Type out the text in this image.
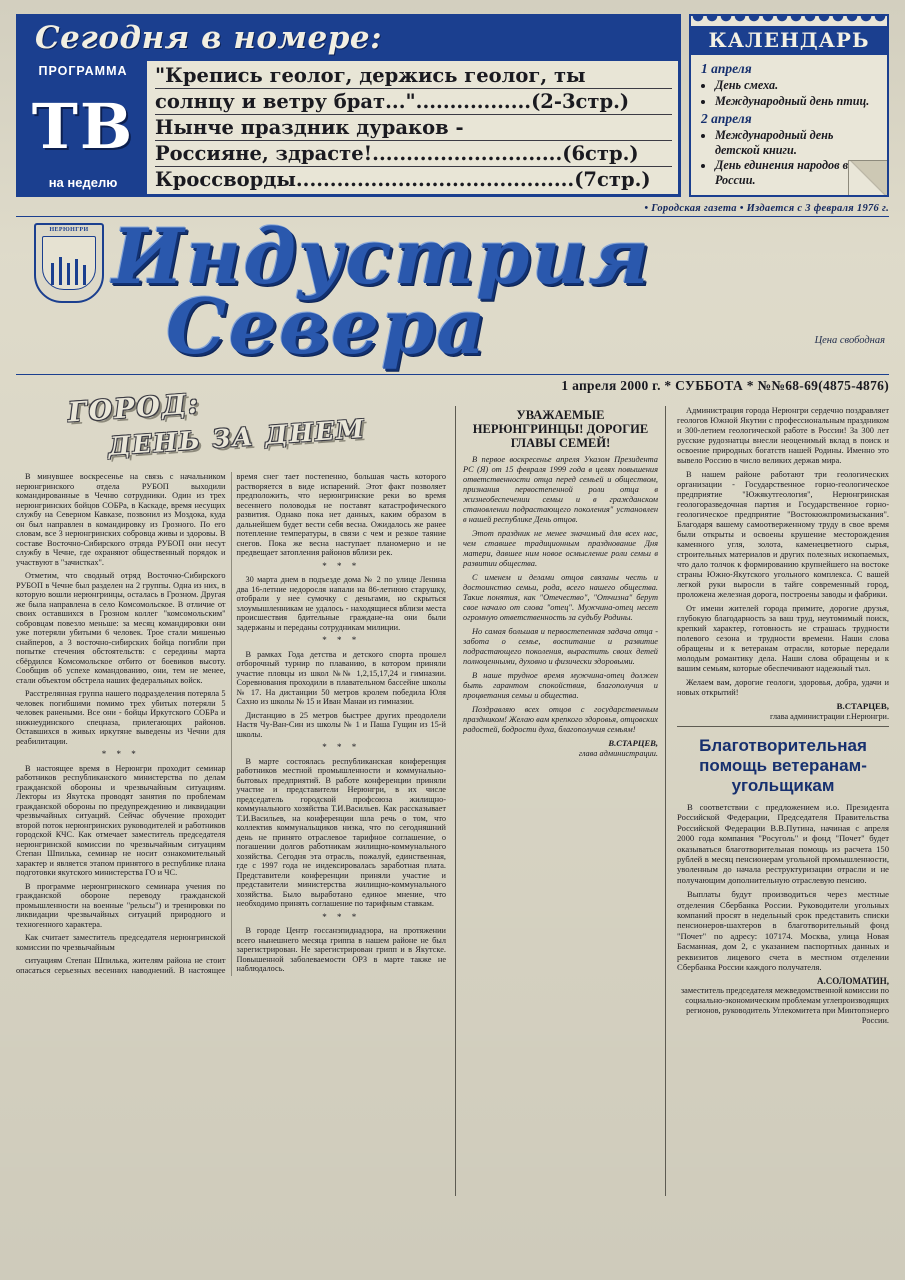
Сегодня в номере:
ПРОГРАММА
ТВ
на неделю
"Крепись геолог, держись геолог, ты
солнцу и ветру брат...".................(2-3стр.)
Нынче праздник дураков -
Россияне, здрасте!............................(6стр.)
Кроссворды.........................................(7стр.)
КАЛЕНДАРЬ
1 апреля
• День смеха.
• Международный день птиц.
2 апреля
• Международный день детской книги.
• День единения народов в России.
• Городская газета • Издается с 3 февраля 1976 г.
НЕРЮНГРИ Индустрия
Севера	Цена свободная
1 апреля 2000 г. * СУББОТА * №№68-69(4875-4876)
ГОРОД:
ДЕНЬ ЗА ДНЕМ

В минувшее воскресенье на связь с начальником нерюнгринского отдела РУБОП выходили командированные в Чечню сотрудники. Один из трех нерюнгринских бойцов СОБРа, в Каскаде, время несущих службу на Северном Кавказе, позвонил из Моздока, куда он был направлен в командировку из Грозного. По его словам, все 3 нерюнгринских собровца живы и здоровы. В составе Восточно-Сибирского отряда РУБОП они несут службу в Чечне, где охраняют общественный порядок и участвуют в "зачистках".

Отметим, что сводный отряд Восточно-Сибирского РУБОП в Чечне был разделен на 2 группы. Одна из них, в которую вошли нерюнгринцы, осталась в Грозном. Другая же была направлена в село Комсомольское. В отличие от своих оставшихся в Грозном коллег "комсомольским" собровцам повезло меньше: за месяц командировки они уже потеряли убитыми 6 человек. Трое стали мишенью снайперов, а 3 восточно-сибирских бойца погибли при попытке стечения обстоятельств: с середины марта сбёрдился Комсомольское отбито от боевиков высоту. Сообщив об успехе командованию, они, тем не менее, стали объектом обстрела наших федеральных войск.

Расстрелянная группа нашего подразделения потеряла 5 человек погибшими помимо трех убитых потеряли 5 человек ранеными. Все они - бойцы Иркутского СОБРа и нижнеудинского спецназа, прилегающих районов. Оставшихся в живых иркутяне выведены из Чечни для реабилитации.

* * *

В настоящее время в Нерюнгри проходит семинар работников республиканского министерства по делам гражданской обороны и чрезвычайным ситуациям. Лекторы из Якутска проводят занятия по проблемам гражданской обороны по предупреждению и ликвидации чрезвычайных ситуаций. Сейчас обучение проходит второй поток нерюнгринских руководителей и работников городской КЧС. Как отмечает заместитель председателя нерюнгринской комиссии по чрезвычайным ситуациям Степан Шпилька, семинар не носит ознакомительный характер и является этапом принятого в республике плана подготовки якутского министерства ГО и ЧС.

В программе нерюнгринского семинара учения по гражданской обороне переводу гражданской промышленности на военные "рельсы") и тренировки по ликвидации чрезвычайных ситуаций природного и техногенного характера.

Как считает заместитель председателя нерюнгринской комиссии по чрезвычайным

ситуациям Степан Шпилька, жителям района не стоит опасаться серьезных весенних наводнений. В настоящее время снег тает постепенно, большая часть которого растворяется в виде испарений. Этот факт позволяет предположить, что нерюнгринские реки во время весеннего половодья не поставят катастрофического развития. Однако пока нет данных, каким образом в дальнейшем будет вести себя весна. Ожидалось же ранее потепление температуры, в связи с чем и резкое таяние снегов. Пока же весна наступает планомерно и не предвещает затопления районов вблизи рек.

* * *

30 марта днем в подъезде дома № 2 по улице Ленина два 16-летние недоросля напали на 86-летнюю старушку, отобрали у нее сумочку с деньгами, но скрыться злоумышленникам не удалось - находящиеся вблизи места происшествия бдительные граждане-на они были задержаны и переданы сотрудникам милиции.

* * *

В рамках Года детства и детского спорта прошел отборочный турнир по плаванию, в котором приняли участие пловцы из школ №№ 1,2,15,17,24 и гимназии. Соревнования проходили в плавательном бассейне школы № 17. На дистанции 50 метров кролем победила Юля Сахно из школы № 15 и Иван Манаи из гимназии.

Дистанцию в 25 метров быстрее других преодолели Настя Чу-Ван-Син из школы № 1 и Паша Гущин из 15-й школы.

* * *

В марте состоялась республиканская конференция работников местной промышленности и коммунально-бытовых предприятий. В работе конференции приняли участие и представители Нерюнгри, в их числе председатель городской профсоюза жилищно-коммунального хозяйства Т.И.Васильев. Как рассказывает Т.И.Васильев, на конференции шла речь о том, что коллектив коммунальщиков низка, что по сегодняшний день не принято отраслевое тарифное соглашение, о погашении долгов работникам жилищно-коммунального хозяйства. Сегодня эта отрасль, пожалуй, единственная, где с 1997 года не индексировалась заработная плата. Представители конференции приняли участие и представители министерства жилищно-коммунального хозяйства. Было выработано единое мнение, что необходимо принять соглашение по тарифным ставкам.

* * *

В городе Центр госсанэпиднадзора, на протяжении всего нынешнего месяца гриппа в нашем районе не был зарегистрирован. Не зарегистрирован грипп и в Якутске. Повышенной заболеваемости ОРЗ в марте также не наблюдалось.

УВАЖАЕМЫЕ НЕРЮНГРИНЦЫ! ДОРОГИЕ ГЛАВЫ СЕМЕЙ!

В первое воскресенье апреля Указом Президента РС (Я) от 15 февраля 1999 года в целях повышения ответственности отца перед семьей и обществом, признания первостепенной роли отца в жизнеобеспечении семьи и в гражданском становлении подрастающего поколения" установлен в нашей республике День отцов.

Этот праздник не менее значимый для всех нас, чем ставшее традиционным празднование Дня матери, давшее ним новое осмысление роли семьи в развитии общества.

С именем и делами отцов связаны честь и достоинство семьи, рода, всего нашего общества. Такие понятия, как "Отечество", "Отчизна" берут свое начало от слова "отец". Мужчина-отец несет огромную ответственность за судьбу Родины.

Но самая большая и первостепенная задача отца - забота о семье, воспитание и развитие подрастающего поколения, вырастить своих детей полноценными, духовно и физически здоровыми.

В наше трудное время мужчина-отец должен быть гарантом спокойствия, благополучия и процветания семьи и общества.

Поздравляю всех отцов с государственным праздником! Желаю вам крепкого здоровья, отцовских радостей, бодрости духа, благополучия семьям!

В.СТАРЦЕВ,
глава администрации.

Администрация города Нерюнгри сердечно поздравляет геологов Южной Якутии с профессиональным праздником и 300-летием геологической работе в России! За 300 лет русские рудознатцы внесли неоценимый вклад в поиск и освоение природных богатств нашей Родины. Именно это вывело Россию в число великих держав мира.

В нашем районе работают три геологических организации - Государственное горно-геологическое предприятие "Южякутгеология", Нерюнгринская геологоразведочная партия и Государственное горно-геологическое предприятие "Востокюжпромизыскания". Благодаря вашему самоотверженному труду в свое время были открыты и освоены крушение месторождения каменного угля, золота, каменецветного сырья, строительных материалов и других полезных ископаемых, что дало толчок к формированию крупнейшего на востоке страны Южно-Якутского угольного комплекса. С вашей легкой руки выросли в тайге современный город, проложена железная дорога, построены заводы и фабрики.

От имени жителей города примите, дорогие друзья, глубокую благодарность за ваш труд, неутомимый поиск, крепкий характер, готовность не страшась трудности полевого сезона и трудности времени. Наши слова обращены и к ветеранам отрасли, которые передали молодым романтику дела. Наши слова обращены и к вашим семьям, которые обеспечивают надежный тыл.

Желаем вам, дорогие геологи, здоровья, добра, удачи и новых открытий!

В.СТАРЦЕВ,
глава администрации г.Нерюнгри.
Благотворительная помощь ветеранам-угольщикам

В соответствии с предложением и.о. Президента Российской Федерации, Председателя Правительства Российской Федерации В.В.Путина, начиная с апреля 2000 года компания "Росуголь" и фонд "Почет" будет оказываться благотворительная помощь из расчета 150 рублей в месяц пенсионерам угольной промышленности, уволенным до начала реструктуризации отрасли и не получающим дополнительную отраслевую пенсию.

Выплаты будут производиться через местные отделения Сбербанка России. Руководители угольных компаний просят в недельный срок представить списки пенсионеров-шахтеров в благотворительный фонд "Почет" по адресу: 107174. Москва, улица Новая Басманная, дом 2, с указанием паспортных данных и реквизитов лицевого счета в местном отделении Сбербанка России каждого получателя.

А.СОЛОМАТИН,
заместитель председателя межведомственной комиссии по социально-экономическим проблемам углепроизводящих регионов, руководитель Углекомитета при Минтопэнерго России.
